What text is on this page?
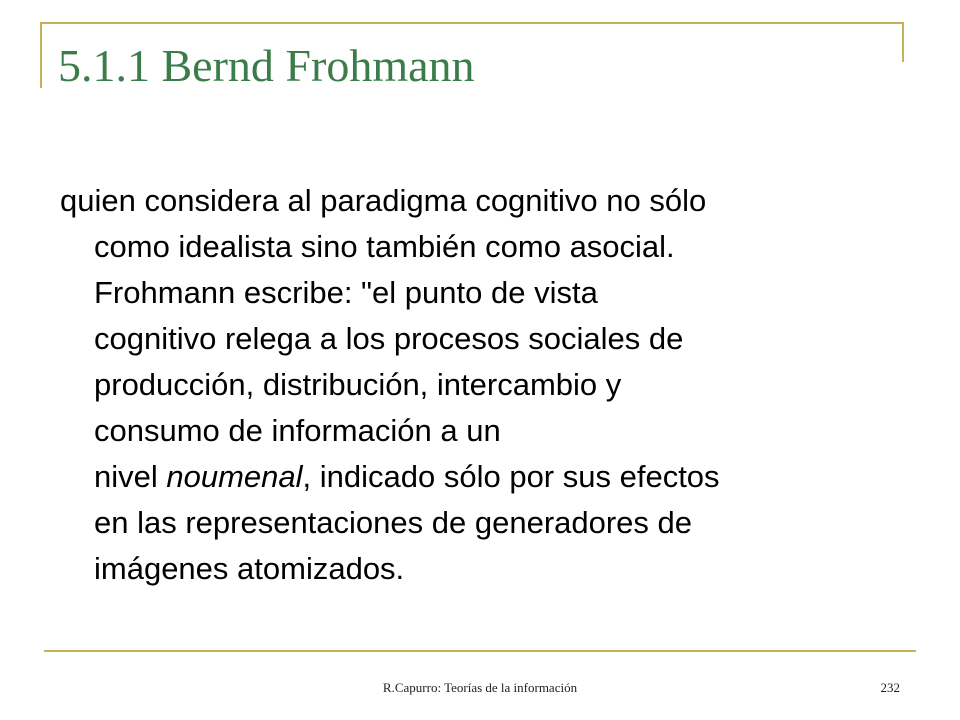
5.1.1 Bernd Frohmann
quien considera al paradigma cognitivo no sólo
como idealista sino también como asocial.
Frohmann escribe: "el punto de vista
cognitivo relega a los procesos sociales de
producción, distribución, intercambio y
consumo de información a un
nivel noumenal, indicado sólo por sus efectos
en las representaciones de generadores de
imágenes atomizados.
R.Capurro: Teorías de la información	232
